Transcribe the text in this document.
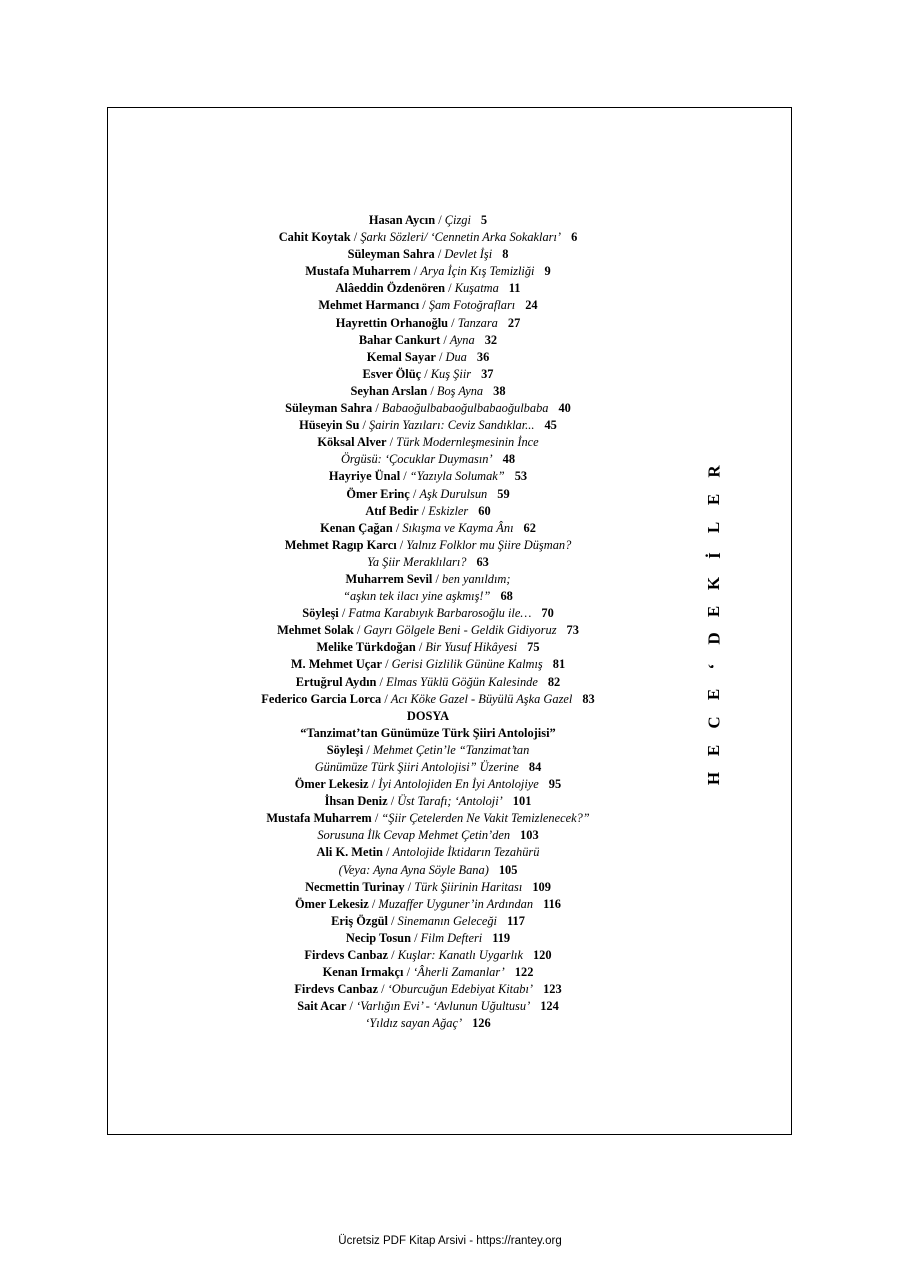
Hasan Aycın / Çizgi 5
Cahit Koytak / Şarkı Sözleri/ ‘Cennetin Arka Sokakları’ 6
Süleyman Sahra / Devlet İşi 8
Mustafa Muharrem / Arya İçin Kış Temizliği 9
Alâeddin Özdenören / Kuşatma 11
Mehmet Harmancı / Şam Fotoğrafları 24
Hayrettin Orhanoğlu / Tanzara 27
Bahar Cankurt / Ayna 32
Kemal Sayar / Dua 36
Esver Ölüç / Kuş Şiir 37
Seyhan Arslan / Boş Ayna 38
Süleyman Sahra / Babaoğulbabaoğulbabaoğulbaba 40
Hüseyin Su / Şairin Yazıları: Ceviz Sandıklar... 45
Köksal Alver / Türk Modernleşmesinin İnce
Örgüsü: ‘Çocuklar Duymasın’ 48
Hayriye Ünal / “Yazıyla Solumak” 53
Ömer Erinç / Aşk Durulsun 59
Atıf Bedir / Eskizler 60
Kenan Çağan / Sıkışma ve Kayma Ânı 62
Mehmet Ragıp Karcı / Yalnız Folklor mu Şiire Düşman?
Ya Şiir Meraklıları? 63
Muharrem Sevil / ben yanıldım;
“aşkın tek ilacı yine aşkmış!” 68
Söyleşi / Fatma Karabıyık Barbarosoğlu ile… 70
Mehmet Solak / Gayrı Gölgele Beni - Geldik Gidiyoruz 73
Melike Türkdoğan / Bir Yusuf Hikâyesi 75
M. Mehmet Uçar / Gerisi Gizlilik Gününe Kalmış 81
Ertuğrul Aydın / Elmas Yüklü Göğün Kalesinde 82
Federico Garcia Lorca / Acı Köke Gazel - Büyülü Aşka Gazel 83
DOSYA
“Tanzimat’tan Günümüze Türk Şiiri Antolojisi”
Söyleşi / Mehmet Çetin’le “Tanzimat’tan
Günümüze Türk Şiiri Antolojisi” Üzerine 84
Ömer Lekesiz / İyi Antolojiden En İyi Antolojiye 95
İhsan Deniz / Üst Tarafı; ‘Antoloji’ 101
Mustafa Muharrem / “Şiir Çetelerden Ne Vakit Temizlenecek?”
Sorusuna İlk Cevap Mehmet Çetin’den 103
Ali K. Metin / Antolojide İktidarın Tezahürü
(Veya: Ayna Ayna Söyle Bana) 105
Necmettin Turinay / Türk Şiirinin Haritası 109
Ömer Lekesiz / Muzaffer Uyguner’in Ardından 116
Eriş Özgül / Sinemanın Geleceği 117
Necip Tosun / Film Defteri 119
Firdevs Canbaz / Kuşlar: Kanatlı Uygarlık 120
Kenan Irmakçı / ‘Âherli Zamanlar’ 122
Firdevs Canbaz / ‘Oburcuğun Edebiyat Kitabı’ 123
Sait Acar / ‘Varlığın Evi’ - ‘Avlunun Uğultusu’ 124
‘Yıldız sayan Ağaç’ 126
H
E
C
E
‘
D
E
K
İ
L
E
R
Ücretsiz PDF Kitap Arsivi - https://rantey.org
